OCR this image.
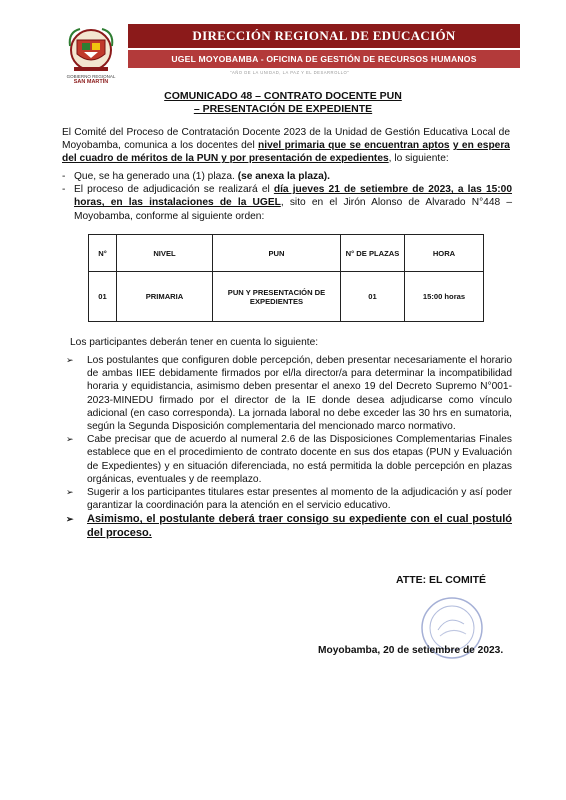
GOBIERNO REGIONAL
SAN MARTÍN
DIRECCIÓN REGIONAL DE EDUCACIÓN
UGEL MOYOBAMBA - OFICINA DE GESTIÓN DE RECURSOS HUMANOS
"AÑO DE LA UNIDAD, LA PAZ Y EL DESARROLLO"
COMUNICADO 48 – CONTRATO DOCENTE PUN
– PRESENTACIÓN DE EXPEDIENTE
El Comité del Proceso de Contratación Docente 2023 de la Unidad de Gestión Educativa Local de Moyobamba, comunica a los docentes del nivel primaria que se encuentran aptos y en espera del cuadro de méritos de la PUN y por presentación de expedientes, lo siguiente:
- Que, se ha generado una (1) plaza. (se anexa la plaza).
- El proceso de adjudicación se realizará el día jueves 21 de setiembre de 2023, a las 15:00 horas, en las instalaciones de la UGEL, sito en el Jirón Alonso de Alvarado N°448 – Moyobamba, conforme al siguiente orden:
N°	NIVEL	PUN	N° DE PLAZAS	HORA
01	PRIMARIA	PUN Y PRESENTACIÓN DE EXPEDIENTES	01	15:00 horas
Los participantes deberán tener en cuenta lo siguiente:
➢ Los postulantes que configuren doble percepción, deben presentar necesariamente el horario de ambas IIEE debidamente firmados por el/la director/a para determinar la incompatibilidad horaria y equidistancia, asimismo deben presentar el anexo 19 del Decreto Supremo N°001-2023-MINEDU firmado por el director de la IE donde desea adjudicarse como vínculo adicional (en caso corresponda). La jornada laboral no debe exceder las 30 hrs en sumatoria, según la Segunda Disposición complementaria del mencionado marco normativo.
➢ Cabe precisar que de acuerdo al numeral 2.6 de las Disposiciones Complementarias Finales establece que en el procedimiento de contrato docente en sus dos etapas (PUN y Evaluación de Expedientes) y en situación diferenciada, no está permitida la doble percepción en plazas orgánicas, eventuales y de reemplazo.
➢ Sugerir a los participantes titulares estar presentes al momento de la adjudicación y así poder garantizar la coordinación para la atención en el servicio educativo.
➢ Asimismo, el postulante deberá traer consigo su expediente con el cual postuló del proceso.
ATTE: EL COMITÉ
Moyobamba, 20 de setiembre de 2023.
